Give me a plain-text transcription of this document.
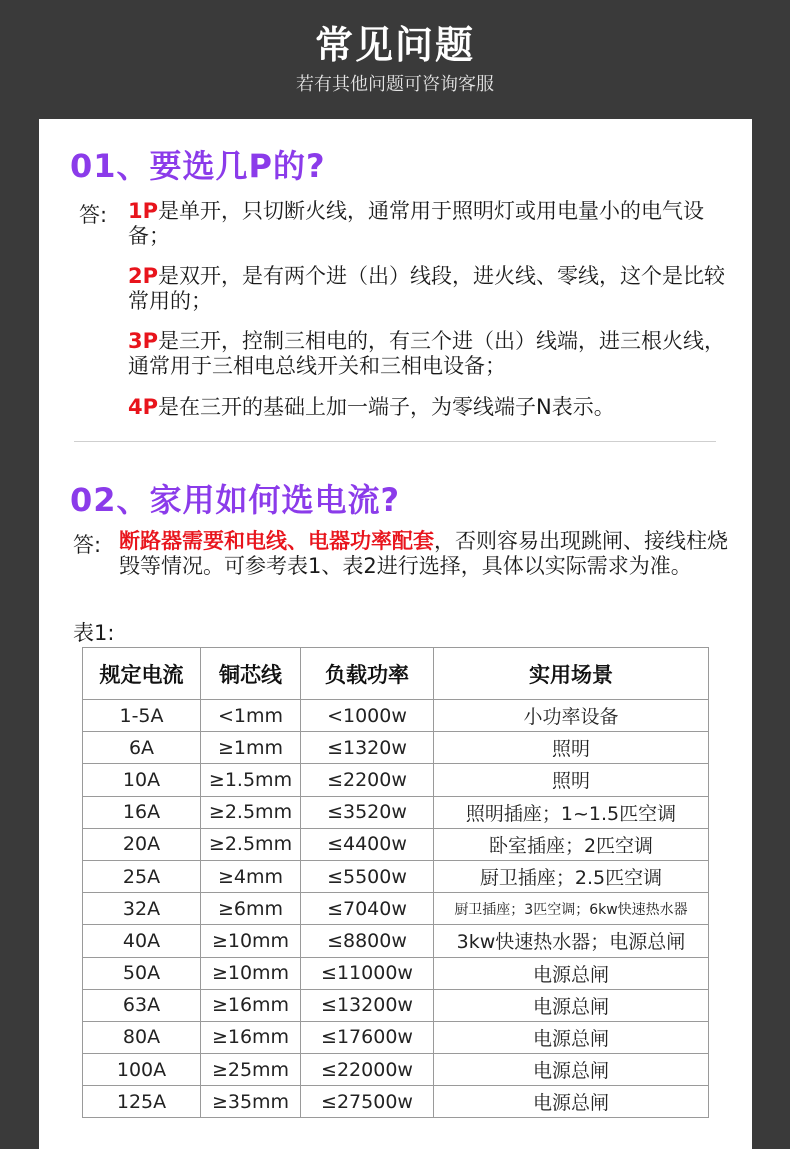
常见问题
若有其他问题可咨询客服
01、要选几P的?
答: 1P是单开，只切断火线，通常用于照明灯或用电量小的电气设备；
2P是双开，是有两个进（出）线段，进火线、零线，这个是比较常用的；
3P是三开，控制三相电的，有三个进（出）线端，进三根火线，通常用于三相电总线开关和三相电设备；
4P是在三开的基础上加一端子，为零线端子N表示。
02、家用如何选电流?
答: 断路器需要和电线、电器功率配套，否则容易出现跳闸、接线柱烧毁等情况。可参考表1、表2进行选择，具体以实际需求为准。
表1:
规定电流	铜芯线	负载功率	实用场景
1-5A	<1mm	<1000w	小功率设备
6A	≥1mm	≤1320w	照明
10A	≥1.5mm	≤2200w	照明
16A	≥2.5mm	≤3520w	照明插座；1~1.5匹空调
20A	≥2.5mm	≤4400w	卧室插座；2匹空调
25A	≥4mm	≤5500w	厨卫插座；2.5匹空调
32A	≥6mm	≤7040w	厨卫插座；3匹空调；6kw快速热水器
40A	≥10mm	≤8800w	3kw快速热水器；电源总闸
50A	≥10mm	≤11000w	电源总闸
63A	≥16mm	≤13200w	电源总闸
80A	≥16mm	≤17600w	电源总闸
100A	≥25mm	≤22000w	电源总闸
125A	≥35mm	≤27500w	电源总闸
